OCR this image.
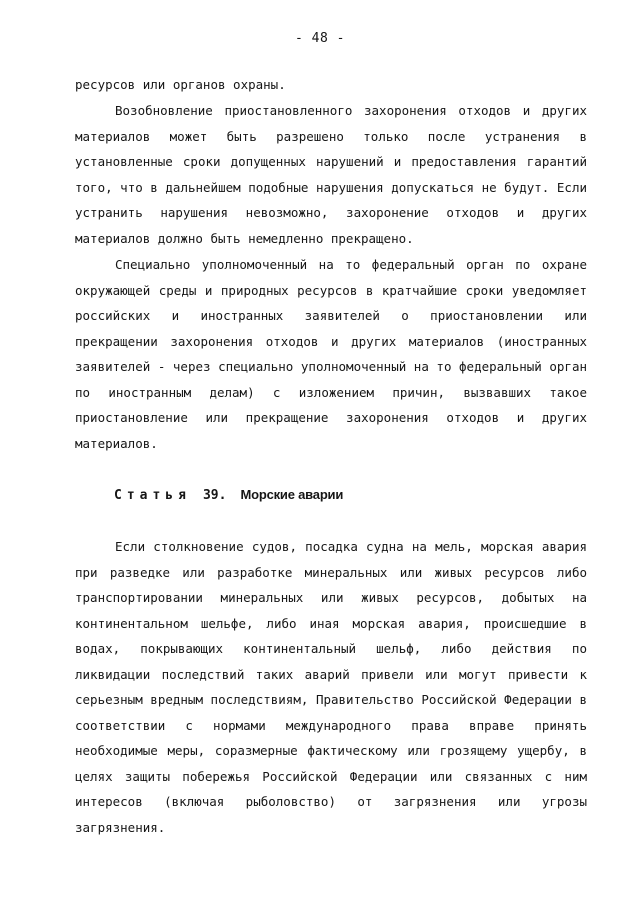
- 48 -

ресурсов или органов охраны.

Возобновление приостановленного захоронения отходов и других материалов может быть разрешено только после устранения в установленные сроки допущенных нарушений и предоставления гарантий того, что в дальнейшем подобные нарушения допускаться не будут. Если устранить нарушения невозможно, захоронение отходов и других материалов должно быть немедленно прекращено.

Специально уполномоченный на то федеральный орган по охране окружающей среды и природных ресурсов в кратчайшие сроки уведомляет российских и иностранных заявителей о приостановлении или прекращении захоронения отходов и других материалов (иностранных заявителей - через специально уполномоченный на то федеральный орган по иностранным делам) с изложением причин, вызвавших такое приостановление или прекращение захоронения отходов и других материалов.

Статья 39. Морские аварии

Если столкновение судов, посадка судна на мель, морская авария при разведке или разработке минеральных или живых ресурсов либо транспортировании минеральных или живых ресурсов, добытых на континентальном шельфе, либо иная морская авария, происшедшие в водах, покрывающих континентальный шельф, либо действия по ликвидации последствий таких аварий привели или могут привести к серьезным вредным последствиям, Правительство Российской Федерации в соответствии с нормами международного права вправе принять необходимые меры, соразмерные фактическому или грозящему ущербу, в целях защиты побережья Российской Федерации или связанных с ним интересов (включая рыболовство) от загрязнения или угрозы загрязнения.
